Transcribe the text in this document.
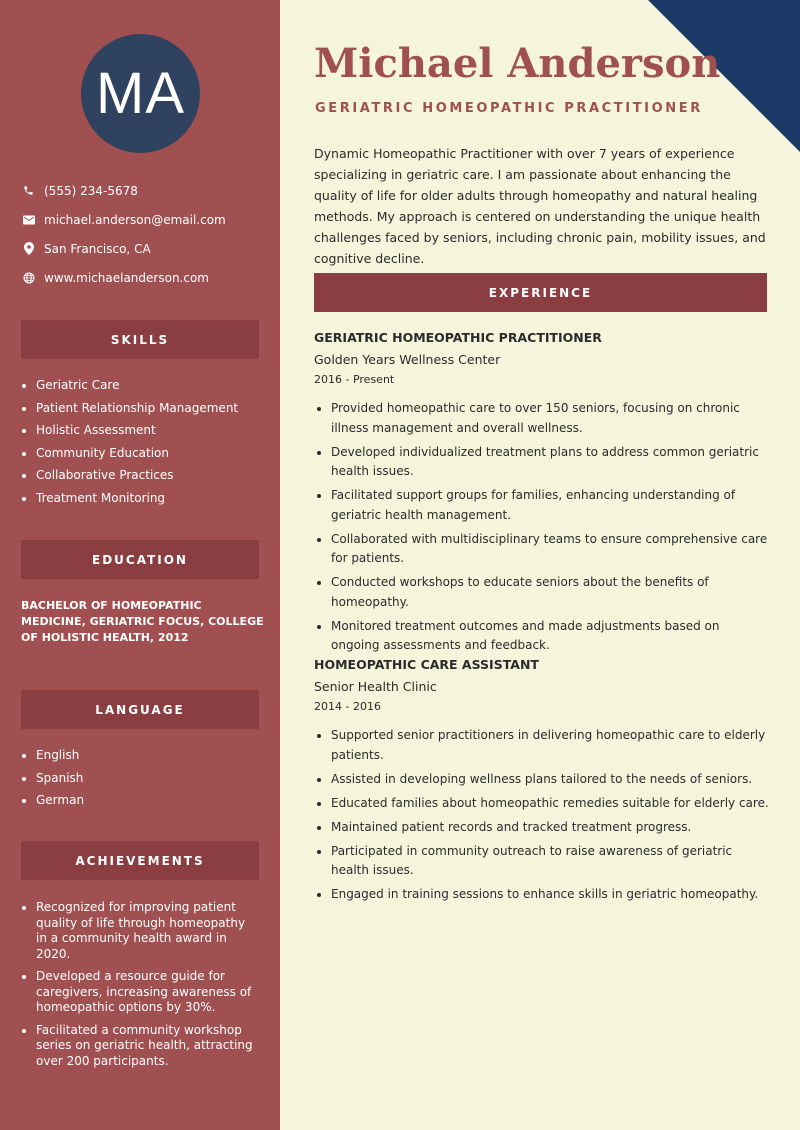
MA
(555) 234-5678
michael.anderson@email.com
San Francisco, CA
www.michaelanderson.com
SKILLS
Geriatric Care
Patient Relationship Management
Holistic Assessment
Community Education
Collaborative Practices
Treatment Monitoring
EDUCATION
BACHELOR OF HOMEOPATHIC MEDICINE, GERIATRIC FOCUS, COLLEGE OF HOLISTIC HEALTH, 2012
LANGUAGE
English
Spanish
German
ACHIEVEMENTS
Recognized for improving patient quality of life through homeopathy in a community health award in 2020.
Developed a resource guide for caregivers, increasing awareness of homeopathic options by 30%.
Facilitated a community workshop series on geriatric health, attracting over 200 participants.
Michael Anderson
GERIATRIC HOMEOPATHIC PRACTITIONER
Dynamic Homeopathic Practitioner with over 7 years of experience specializing in geriatric care. I am passionate about enhancing the quality of life for older adults through homeopathy and natural healing methods. My approach is centered on understanding the unique health challenges faced by seniors, including chronic pain, mobility issues, and cognitive decline.
EXPERIENCE
GERIATRIC HOMEOPATHIC PRACTITIONER
Golden Years Wellness Center
2016 - Present
Provided homeopathic care to over 150 seniors, focusing on chronic illness management and overall wellness.
Developed individualized treatment plans to address common geriatric health issues.
Facilitated support groups for families, enhancing understanding of geriatric health management.
Collaborated with multidisciplinary teams to ensure comprehensive care for patients.
Conducted workshops to educate seniors about the benefits of homeopathy.
Monitored treatment outcomes and made adjustments based on ongoing assessments and feedback.
HOMEOPATHIC CARE ASSISTANT
Senior Health Clinic
2014 - 2016
Supported senior practitioners in delivering homeopathic care to elderly patients.
Assisted in developing wellness plans tailored to the needs of seniors.
Educated families about homeopathic remedies suitable for elderly care.
Maintained patient records and tracked treatment progress.
Participated in community outreach to raise awareness of geriatric health issues.
Engaged in training sessions to enhance skills in geriatric homeopathy.
